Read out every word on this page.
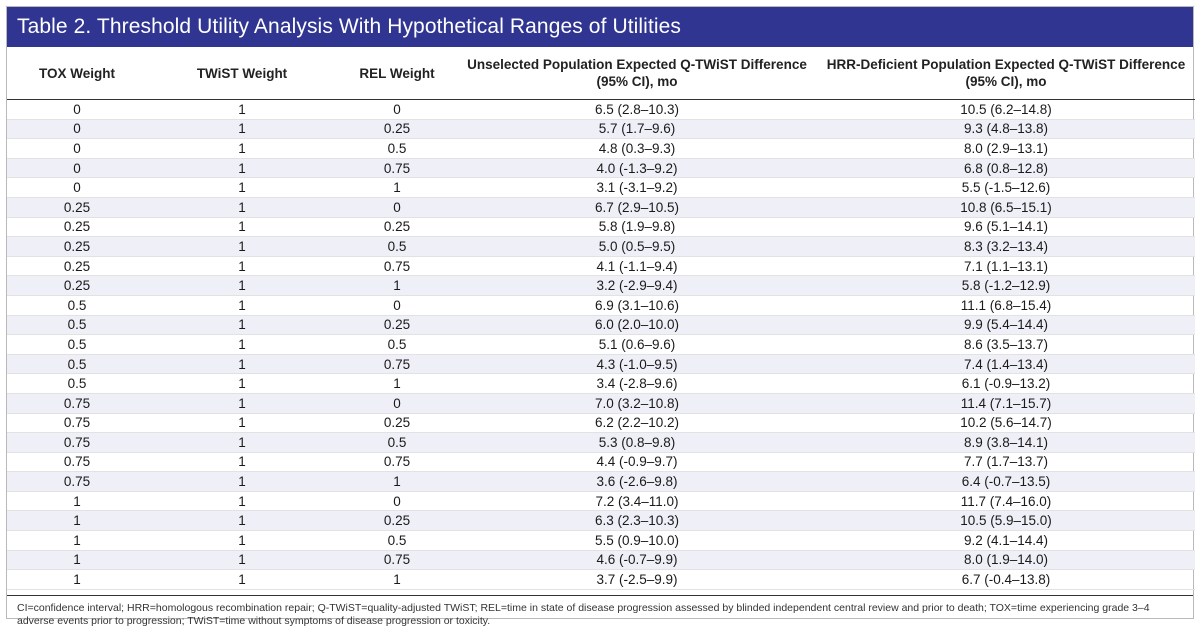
Table 2. Threshold Utility Analysis With Hypothetical Ranges of Utilities
TOX Weight	TWiST Weight	REL Weight	Unselected Population Expected Q-TWiST Difference (95% CI), mo	HRR-Deficient Population Expected Q-TWiST Difference (95% CI), mo
0	1	0	6.5 (2.8–10.3)	10.5 (6.2–14.8)
0	1	0.25	5.7 (1.7–9.6)	9.3 (4.8–13.8)
0	1	0.5	4.8 (0.3–9.3)	8.0 (2.9–13.1)
0	1	0.75	4.0 (-1.3–9.2)	6.8 (0.8–12.8)
0	1	1	3.1 (-3.1–9.2)	5.5 (-1.5–12.6)
0.25	1	0	6.7 (2.9–10.5)	10.8 (6.5–15.1)
0.25	1	0.25	5.8 (1.9–9.8)	9.6 (5.1–14.1)
0.25	1	0.5	5.0 (0.5–9.5)	8.3 (3.2–13.4)
0.25	1	0.75	4.1 (-1.1–9.4)	7.1 (1.1–13.1)
0.25	1	1	3.2 (-2.9–9.4)	5.8 (-1.2–12.9)
0.5	1	0	6.9 (3.1–10.6)	11.1 (6.8–15.4)
0.5	1	0.25	6.0 (2.0–10.0)	9.9 (5.4–14.4)
0.5	1	0.5	5.1 (0.6–9.6)	8.6 (3.5–13.7)
0.5	1	0.75	4.3 (-1.0–9.5)	7.4 (1.4–13.4)
0.5	1	1	3.4 (-2.8–9.6)	6.1 (-0.9–13.2)
0.75	1	0	7.0 (3.2–10.8)	11.4 (7.1–15.7)
0.75	1	0.25	6.2 (2.2–10.2)	10.2 (5.6–14.7)
0.75	1	0.5	5.3 (0.8–9.8)	8.9 (3.8–14.1)
0.75	1	0.75	4.4 (-0.9–9.7)	7.7 (1.7–13.7)
0.75	1	1	3.6 (-2.6–9.8)	6.4 (-0.7–13.5)
1	1	0	7.2 (3.4–11.0)	11.7 (7.4–16.0)
1	1	0.25	6.3 (2.3–10.3)	10.5 (5.9–15.0)
1	1	0.5	5.5 (0.9–10.0)	9.2 (4.1–14.4)
1	1	0.75	4.6 (-0.7–9.9)	8.0 (1.9–14.0)
1	1	1	3.7 (-2.5–9.9)	6.7 (-0.4–13.8)
CI=confidence interval; HRR=homologous recombination repair; Q-TWiST=quality-adjusted TWiST; REL=time in state of disease progression assessed by blinded independent central review and prior to death; TOX=time experiencing grade 3–4 adverse events prior to progression; TWiST=time without symptoms of disease progression or toxicity.
